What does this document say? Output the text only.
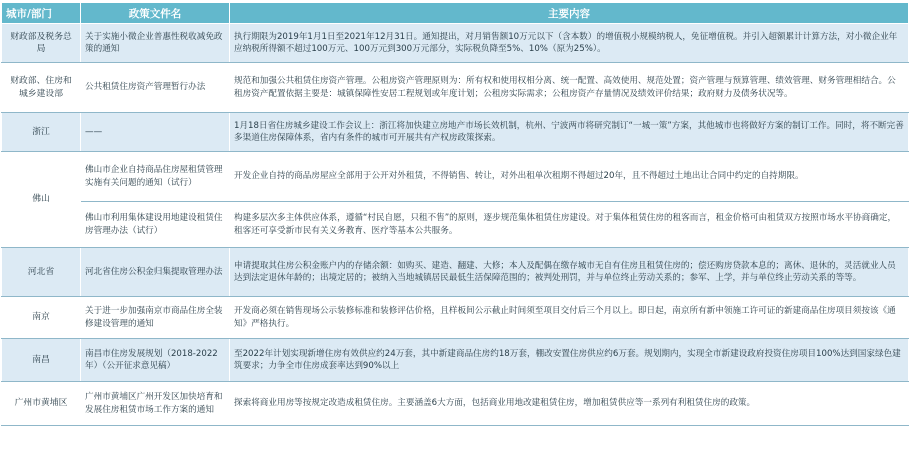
城市/部门	政策文件名	主要内容
财政部及税务总局	关于实施小微企业普惠性税收减免政策的通知	执行期限为2019年1月1日至2021年12月31日。通知提出，对月销售额10万元以下（含本数）的增值税小规模纳税人，免征增值税。并引入超额累计计算方法，对小微企业年应纳税所得额不超过100万元、100万元到300万元部分，实际税负降至5%、10%（原为25%）。
财政部、住房和城乡建设部	公共租赁住房资产管理暂行办法	规范和加强公共租赁住房资产管理。公租房资产管理原则为：所有权和使用权相分离、统一配置、高效使用、规范处置；资产管理与预算管理、绩效管理、财务管理相结合。公租房资产配置依据主要是：城镇保障性安居工程规划或年度计划；公租房实际需求；公租房资产存量情况及绩效评价结果；政府财力及债务状况等。
浙江	——	1月18日省住房城乡建设工作会议上：浙江将加快建立房地产市场长效机制，杭州、宁波两市将研究制订“一城一策”方案，其他城市也将做好方案的制订工作。同时，将不断完善多渠道住房保障体系，省内有条件的城市可开展共有产权房政策探索。
佛山	佛山市企业自持商品住房屋租赁管理实施有关问题的通知（试行）	开发企业自持的商品房屋应全部用于公开对外租赁，不得销售、转让，对外出租单次租期不得超过20年，且不得超过土地出让合同中约定的自持期限。
	佛山市利用集体建设用地建设租赁住房管理办法（试行）	构建多层次多主体供应体系，遵循“村民自愿，只租不售”的原则，逐步规范集体租赁住房建设。对于集体租赁住房的租客而言，租金价格可由租赁双方按照市场水平协商确定，租客还可享受新市民有关义务教育、医疗等基本公共服务。
河北省	河北省住房公积金归集提取管理办法	申请提取其住房公积金账户内的存储余额：如购买、建造、翻建、大修；本人及配偶在缴存城市无自有住房且租赁住房的；偿还购房贷款本息的；离休、退休的，灵活就业人员达到法定退休年龄的；出境定居的；被纳入当地城镇居民最低生活保障范围的；被判处刑罚，并与单位终止劳动关系的；参军、上学，并与单位终止劳动关系的等等。
南京	关于进一步加强南京市商品住房全装修建设管理的通知	开发商必须在销售现场公示装修标准和装修评估价格，且样板间公示截止时间须至项目交付后三个月以上。即日起，南京所有新申领施工许可证的新建商品住房项目须按该《通知》严格执行。
南昌	南昌市住房发展规划（2018-2022年）（公开征求意见稿）	至2022年计划实现新增住房有效供应约24万套，其中新建商品住房约18万套，棚改安置住房供应约6万套。规划期内，实现全市新建设政府投资住房项目100%达到国家绿色建筑要求；力争全市住房成套率达到90%以上
广州市黄埔区	广州市黄埔区广州开发区加快培育和发展住房租赁市场工作方案的通知	探索将商业用房等按规定改造成租赁住房。主要涵盖6大方面，包括商业用地改建租赁住房，增加租赁供应等一系列有利租赁住房的政策。
